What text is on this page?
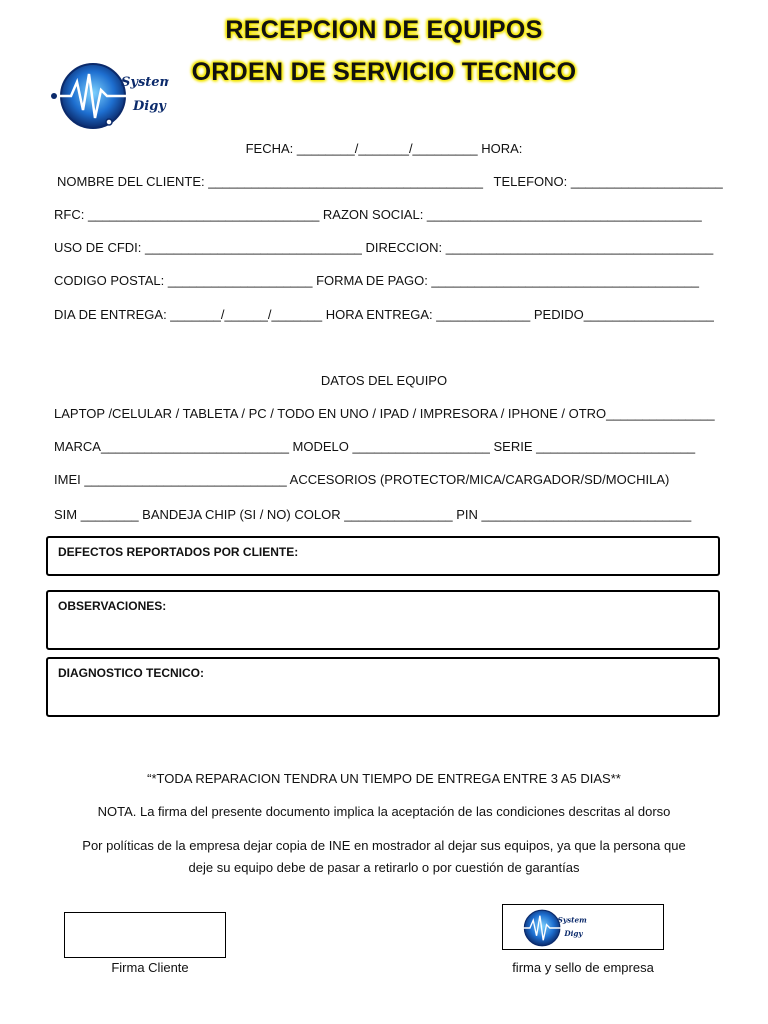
System
Digy

RECEPCION DE EQUIPOS
ORDEN DE SERVICIO TECNICO
FECHA: ________/_______/_________ HORA:
NOMBRE DEL CLIENTE: ______________________________________   TELEFONO: _____________________
RFC: ________________________________ RAZON SOCIAL: ______________________________________
USO DE CFDI: ______________________________ DIRECCION: _____________________________________
CODIGO POSTAL: ____________________ FORMA DE PAGO: _____________________________________
DIA DE ENTREGA: _______/______/_______ HORA ENTREGA: _____________ PEDIDO__________________
DATOS DEL EQUIPO
LAPTOP /CELULAR / TABLETA / PC / TODO EN UNO / IPAD / IMPRESORA / IPHONE / OTRO_______________
MARCA__________________________ MODELO ___________________ SERIE ______________________
IMEI ____________________________ ACCESORIOS (PROTECTOR/MICA/CARGADOR/SD/MOCHILA)
SIM ________ BANDEJA CHIP (SI / NO) COLOR _______________ PIN _____________________________
DEFECTOS REPORTADOS POR CLIENTE:
OBSERVACIONES:
DIAGNOSTICO TECNICO:
“*TODA REPARACION TENDRA UN TIEMPO DE ENTREGA ENTRE 3 A5 DIAS**
NOTA. La firma del presente documento implica la aceptación de las condiciones descritas al dorso
Por políticas de la empresa dejar copia de INE en mostrador al dejar sus equipos, ya que la persona que
deje su equipo debe de pasar a retirarlo o por cuestión de garantías
Firma Cliente
System
Digy
firma y sello de empresa
